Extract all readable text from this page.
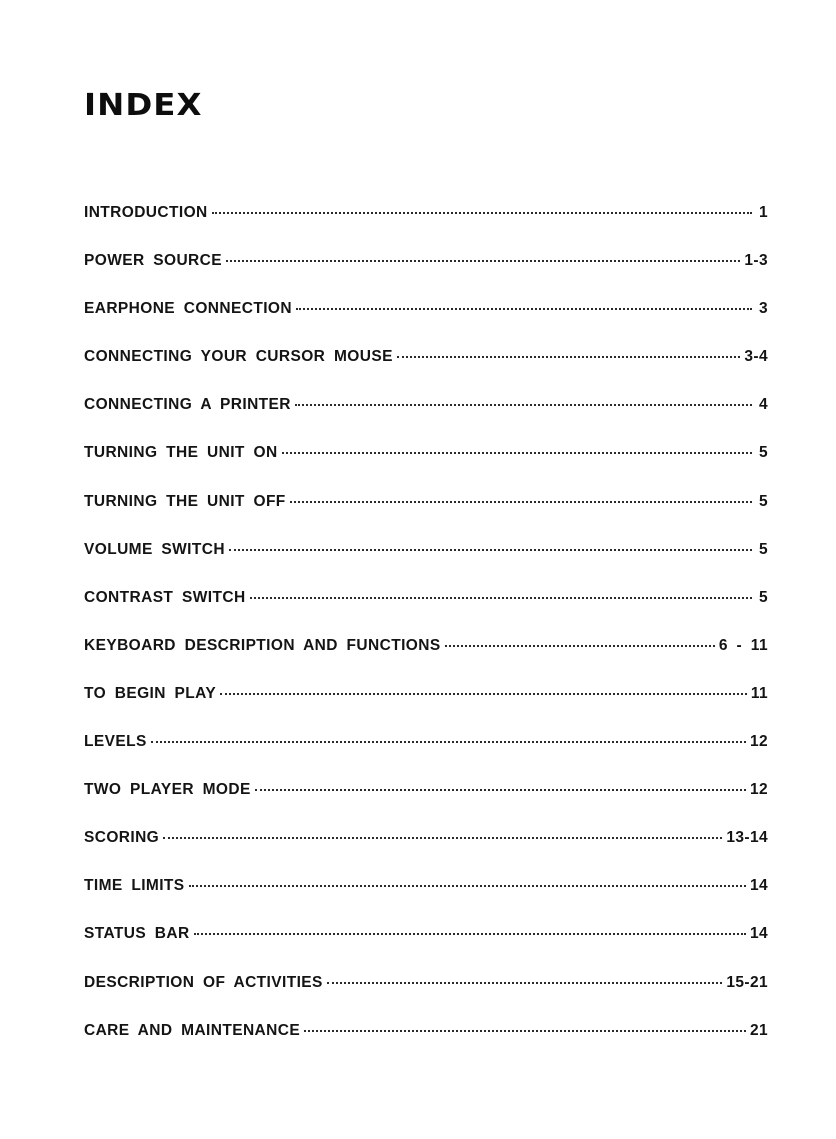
INDEX
INTRODUCTION	1
POWER SOURCE	1-3
EARPHONE CONNECTION	3
CONNECTING YOUR CURSOR MOUSE	3-4
CONNECTING A PRINTER	4
TURNING THE UNIT ON	5
TURNING THE UNIT OFF	5
VOLUME SWITCH	5
CONTRAST SWITCH	5
KEYBOARD DESCRIPTION AND FUNCTIONS	6 - 11
TO BEGIN PLAY	11
LEVELS	12
TWO PLAYER MODE	12
SCORING	13-14
TIME LIMITS	14
STATUS BAR	14
DESCRIPTION OF ACTIVITIES	15-21
CARE AND MAINTENANCE	21
